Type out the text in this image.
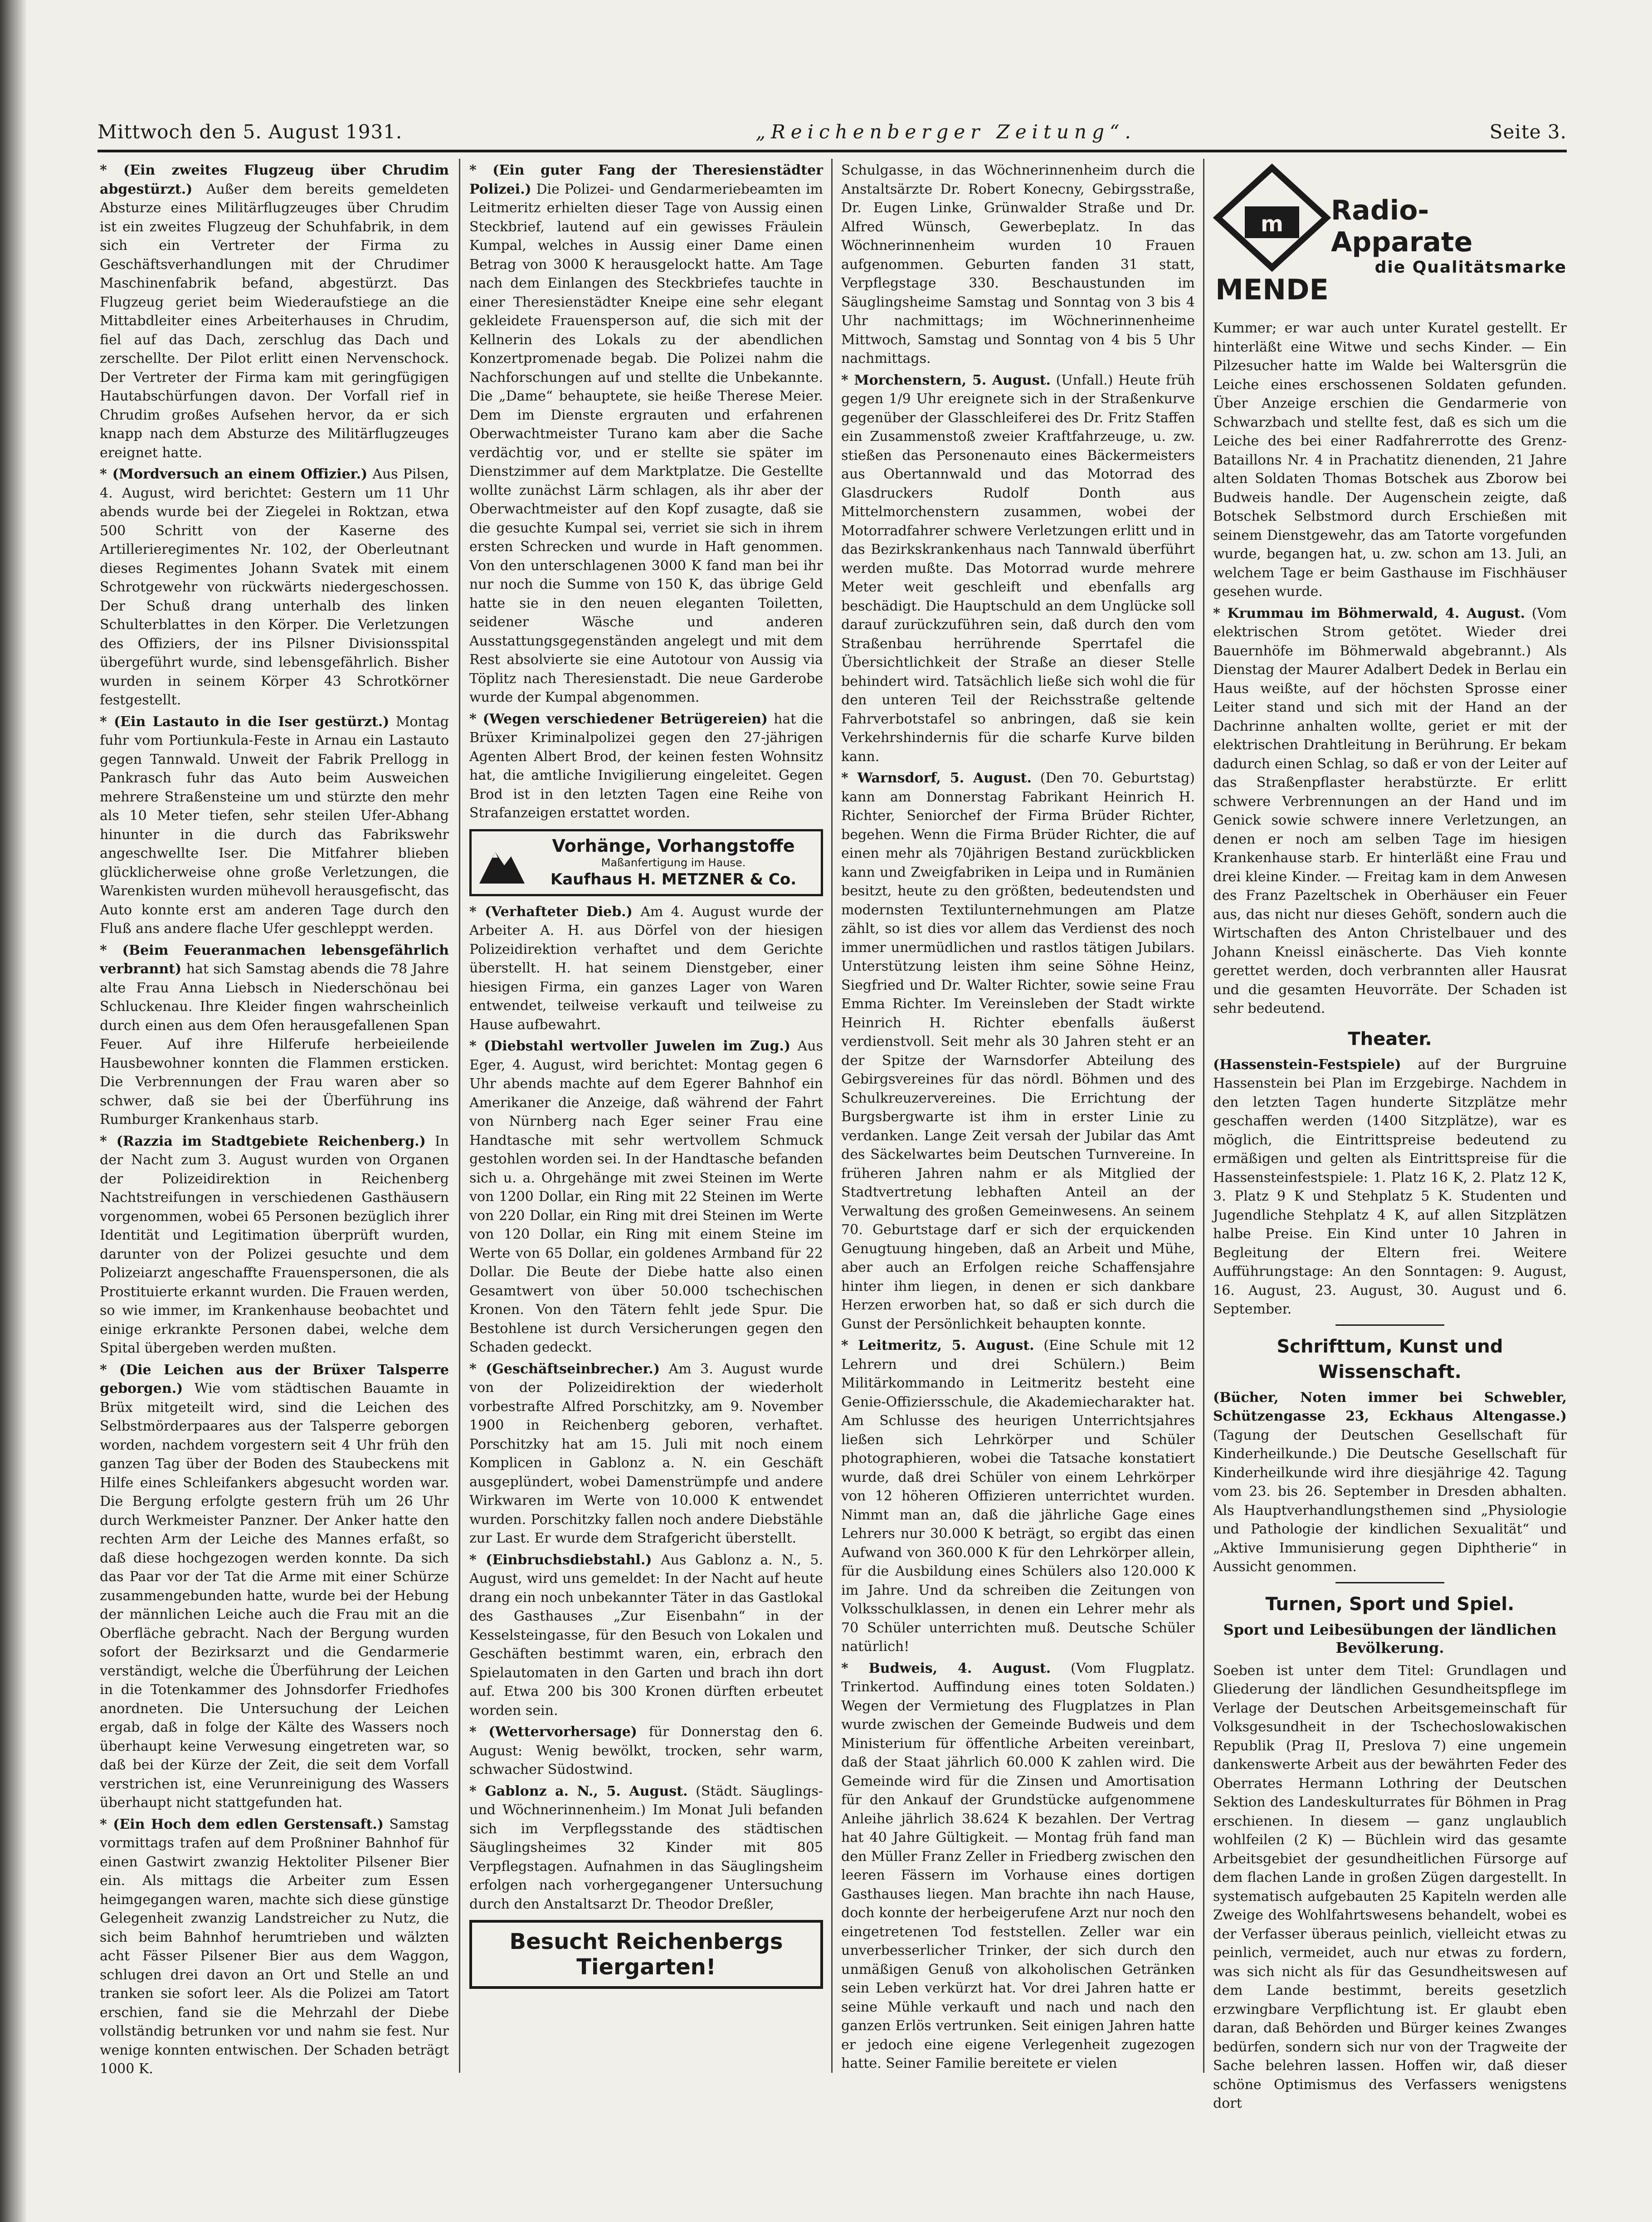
Mittwoch den 5. August 1931.	„Reichenberger Zeitung“.	Seite 3.

* (Ein zweites Flugzeug über Chrudim abgestürzt.) Außer dem bereits gemeldeten Absturze eines Militärflugzeuges über Chrudim ist ein zweites Flugzeug der Schuhfabrik, in dem sich ein Vertreter der Firma zu Geschäftsverhandlungen mit der Chrudimer Maschinenfabrik befand, abgestürzt. Das Flugzeug geriet beim Wiederaufstiege an die Mittabdleiter eines Arbeiterhauses in Chrudim, fiel auf das Dach, zerschlug das Dach und zerschellte. Der Pilot erlitt einen Nervenschock. Der Vertreter der Firma kam mit geringfügigen Hautabschürfungen davon. Der Vorfall rief in Chrudim großes Aufsehen hervor, da er sich knapp nach dem Absturze des Militärflugzeuges ereignet hatte.

* (Mordversuch an einem Offizier.) Aus Pilsen, 4. August, wird berichtet: Gestern um 11 Uhr abends wurde bei der Ziegelei in Roktzan, etwa 500 Schritt von der Kaserne des Artillerieregimentes Nr. 102, der Oberleutnant dieses Regimentes Johann Svatek mit einem Schrotgewehr von rückwärts niedergeschossen. Der Schuß drang unterhalb des linken Schulterblattes in den Körper. Die Verletzungen des Offiziers, der ins Pilsner Divisionsspital übergeführt wurde, sind lebensgefährlich. Bisher wurden in seinem Körper 43 Schrotkörner festgestellt.

* (Ein Lastauto in die Iser gestürzt.) Montag fuhr vom Portiunkula-Feste in Arnau ein Lastauto gegen Tannwald. Unweit der Fabrik Prellogg in Pankrasch fuhr das Auto beim Ausweichen mehrere Straßensteine um und stürzte den mehr als 10 Meter tiefen, sehr steilen Ufer-Abhang hinunter in die durch das Fabrikswehr angeschwellte Iser. Die Mitfahrer blieben glücklicherweise ohne große Verletzungen, die Warenkisten wurden mühevoll herausgefischt, das Auto konnte erst am anderen Tage durch den Fluß ans andere flache Ufer geschleppt werden.

* (Beim Feueranmachen lebensgefährlich verbrannt) hat sich Samstag abends die 78 Jahre alte Frau Anna Liebsch in Niederschönau bei Schluckenau. Ihre Kleider fingen wahrscheinlich durch einen aus dem Ofen herausgefallenen Span Feuer. Auf ihre Hilferufe herbeieilende Hausbewohner konnten die Flammen ersticken. Die Verbrennungen der Frau waren aber so schwer, daß sie bei der Überführung ins Rumburger Krankenhaus starb.

* (Razzia im Stadtgebiete Reichenberg.) In der Nacht zum 3. August wurden von Organen der Polizeidirektion in Reichenberg Nachtstreifungen in verschiedenen Gasthäusern vorgenommen, wobei 65 Personen bezüglich ihrer Identität und Legitimation überprüft wurden, darunter von der Polizei gesuchte und dem Polizeiarzt angeschaffte Frauenspersonen, die als Prostituierte erkannt wurden. Die Frauen werden, so wie immer, im Krankenhause beobachtet und einige erkrankte Personen dabei, welche dem Spital übergeben werden mußten.

* (Die Leichen aus der Brüxer Talsperre geborgen.) Wie vom städtischen Bauamte in Brüx mitgeteilt wird, sind die Leichen des Selbstmörderpaares aus der Talsperre geborgen worden, nachdem vorgestern seit 4 Uhr früh den ganzen Tag über der Boden des Staubeckens mit Hilfe eines Schleifankers abgesucht worden war. Die Bergung erfolgte gestern früh um 26 Uhr durch Werkmeister Panzner. Der Anker hatte den rechten Arm der Leiche des Mannes erfaßt, so daß diese hochgezogen werden konnte. Da sich das Paar vor der Tat die Arme mit einer Schürze zusammengebunden hatte, wurde bei der Hebung der männlichen Leiche auch die Frau mit an die Oberfläche gebracht. Nach der Bergung wurden sofort der Bezirksarzt und die Gendarmerie verständigt, welche die Überführung der Leichen in die Totenkammer des Johnsdorfer Friedhofes anordneten. Die Untersuchung der Leichen ergab, daß in folge der Kälte des Wassers noch überhaupt keine Verwesung eingetreten war, so daß bei der Kürze der Zeit, die seit dem Vorfall verstrichen ist, eine Verunreinigung des Wassers überhaupt nicht stattgefunden hat.

* (Ein Hoch dem edlen Gerstensaft.) Samstag vormittags trafen auf dem Proßniner Bahnhof für einen Gastwirt zwanzig Hektoliter Pilsener Bier ein. Als mittags die Arbeiter zum Essen heimgegangen waren, machte sich diese günstige Gelegenheit zwanzig Landstreicher zu Nutz, die sich beim Bahnhof herumtrieben und wälzten acht Fässer Pilsener Bier aus dem Waggon, schlugen drei davon an Ort und Stelle an und tranken sie sofort leer. Als die Polizei am Tatort erschien, fand sie die Mehrzahl der Diebe vollständig betrunken vor und nahm sie fest. Nur wenige konnten entwischen. Der Schaden beträgt 1000 K.

* (Ein guter Fang der Theresienstädter Polizei.) Die Polizei- und Gendarmeriebeamten im Leitmeritz erhielten dieser Tage von Aussig einen Steckbrief, lautend auf ein gewisses Fräulein Kumpal, welches in Aussig einer Dame einen Betrag von 3000 K herausgelockt hatte. Am Tage nach dem Einlangen des Steckbriefes tauchte in einer Theresienstädter Kneipe eine sehr elegant gekleidete Frauensperson auf, die sich mit der Kellnerin des Lokals zu der abendlichen Konzertpromenade begab. Die Polizei nahm die Nachforschungen auf und stellte die Unbekannte. Die „Dame“ behauptete, sie heiße Therese Meier. Dem im Dienste ergrauten und erfahrenen Oberwachtmeister Turano kam aber die Sache verdächtig vor, und er stellte sie später im Dienstzimmer auf dem Marktplatze. Die Gestellte wollte zunächst Lärm schlagen, als ihr aber der Oberwachtmeister auf den Kopf zusagte, daß sie die gesuchte Kumpal sei, verriet sie sich in ihrem ersten Schrecken und wurde in Haft genommen. Von den unterschlagenen 3000 K fand man bei ihr nur noch die Summe von 150 K, das übrige Geld hatte sie in den neuen eleganten Toiletten, seidener Wäsche und anderen Ausstattungsgegenständen angelegt und mit dem Rest absolvierte sie eine Autotour von Aussig via Töplitz nach Theresienstadt. Die neue Garderobe wurde der Kumpal abgenommen.

* (Wegen verschiedener Betrügereien) hat die Brüxer Kriminalpolizei gegen den 27-jährigen Agenten Albert Brod, der keinen festen Wohnsitz hat, die amtliche Invigilierung eingeleitet. Gegen Brod ist in den letzten Tagen eine Reihe von Strafanzeigen erstattet worden.

Vorhänge, Vorhangstoffe
Maßanfertigung im Hause.
Kaufhaus H. METZNER & Co.

* (Verhafteter Dieb.) Am 4. August wurde der Arbeiter A. H. aus Dörfel von der hiesigen Polizeidirektion verhaftet und dem Gerichte überstellt. H. hat seinem Dienstgeber, einer hiesigen Firma, ein ganzes Lager von Waren entwendet, teilweise verkauft und teilweise zu Hause aufbewahrt.

* (Diebstahl wertvoller Juwelen im Zug.) Aus Eger, 4. August, wird berichtet: Montag gegen 6 Uhr abends machte auf dem Egerer Bahnhof ein Amerikaner die Anzeige, daß während der Fahrt von Nürnberg nach Eger seiner Frau eine Handtasche mit sehr wertvollem Schmuck gestohlen worden sei. In der Handtasche befanden sich u. a. Ohrgehänge mit zwei Steinen im Werte von 1200 Dollar, ein Ring mit 22 Steinen im Werte von 220 Dollar, ein Ring mit drei Steinen im Werte von 120 Dollar, ein Ring mit einem Steine im Werte von 65 Dollar, ein goldenes Armband für 22 Dollar. Die Beute der Diebe hatte also einen Gesamtwert von über 50.000 tschechischen Kronen. Von den Tätern fehlt jede Spur. Die Bestohlene ist durch Versicherungen gegen den Schaden gedeckt.

* (Geschäftseinbrecher.) Am 3. August wurde von der Polizeidirektion der wiederholt vorbestrafte Alfred Porschitzky, am 9. November 1900 in Reichenberg geboren, verhaftet. Porschitzky hat am 15. Juli mit noch einem Komplicen in Gablonz a. N. ein Geschäft ausgeplündert, wobei Damenstrümpfe und andere Wirkwaren im Werte von 10.000 K entwendet wurden. Porschitzky fallen noch andere Diebstähle zur Last. Er wurde dem Strafgericht überstellt.

* (Einbruchsdiebstahl.) Aus Gablonz a. N., 5. August, wird uns gemeldet: In der Nacht auf heute drang ein noch unbekannter Täter in das Gastlokal des Gasthauses „Zur Eisenbahn“ in der Kesselsteingasse, für den Besuch von Lokalen und Geschäften bestimmt waren, ein, erbrach den Spielautomaten in den Garten und brach ihn dort auf. Etwa 200 bis 300 Kronen dürften erbeutet worden sein.

* (Wettervorhersage) für Donnerstag den 6. August: Wenig bewölkt, trocken, sehr warm, schwacher Südostwind.

* Gablonz a. N., 5. August. (Städt. Säuglings- und Wöchnerinnenheim.) Im Monat Juli befanden sich im Verpflegsstande des städtischen Säuglingsheimes 32 Kinder mit 805 Verpflegstagen. Aufnahmen in das Säuglingsheim erfolgen nach vorhergegangener Untersuchung durch den Anstaltsarzt Dr. Theodor Dreßler,

Besucht Reichenbergs Tiergarten!

Schulgasse, in das Wöchnerinnenheim durch die Anstaltsärzte Dr. Robert Konecny, Gebirgsstraße, Dr. Eugen Linke, Grünwalder Straße und Dr. Alfred Wünsch, Gewerbeplatz. In das Wöchnerinnenheim wurden 10 Frauen aufgenommen. Geburten fanden 31 statt, Verpflegstage 330. Beschaustunden im Säuglingsheime Samstag und Sonntag von 3 bis 4 Uhr nachmittags; im Wöchnerinnenheime Mittwoch, Samstag und Sonntag von 4 bis 5 Uhr nachmittags.

* Morchenstern, 5. August. (Unfall.) Heute früh gegen 1/9 Uhr ereignete sich in der Straßenkurve gegenüber der Glasschleiferei des Dr. Fritz Staffen ein Zusammenstoß zweier Kraftfahrzeuge, u. zw. stießen das Personenauto eines Bäckermeisters aus Obertannwald und das Motorrad des Glasdruckers Rudolf Donth aus Mittelmorchenstern zusammen, wobei der Motorradfahrer schwere Verletzungen erlitt und in das Bezirkskrankenhaus nach Tannwald überführt werden mußte. Das Motorrad wurde mehrere Meter weit geschleift und ebenfalls arg beschädigt. Die Hauptschuld an dem Unglücke soll darauf zurückzuführen sein, daß durch den vom Straßenbau herrührende Sperrtafel die Übersichtlichkeit der Straße an dieser Stelle behindert wird. Tatsächlich ließe sich wohl die für den unteren Teil der Reichsstraße geltende Fahrverbotstafel so anbringen, daß sie kein Verkehrshindernis für die scharfe Kurve bilden kann.

* Warnsdorf, 5. August. (Den 70. Geburtstag) kann am Donnerstag Fabrikant Heinrich H. Richter, Seniorchef der Firma Brüder Richter, begehen. Wenn die Firma Brüder Richter, die auf einen mehr als 70jährigen Bestand zurückblicken kann und Zweigfabriken in Leipa und in Rumänien besitzt, heute zu den größten, bedeutendsten und modernsten Textilunternehmungen am Platze zählt, so ist dies vor allem das Verdienst des noch immer unermüdlichen und rastlos tätigen Jubilars. Unterstützung leisten ihm seine Söhne Heinz, Siegfried und Dr. Walter Richter, sowie seine Frau Emma Richter. Im Vereinsleben der Stadt wirkte Heinrich H. Richter ebenfalls äußerst verdienstvoll. Seit mehr als 30 Jahren steht er an der Spitze der Warnsdorfer Abteilung des Gebirgsvereines für das nördl. Böhmen und des Schulkreuzervereines. Die Errichtung der Burgsbergwarte ist ihm in erster Linie zu verdanken. Lange Zeit versah der Jubilar das Amt des Säckelwartes beim Deutschen Turnvereine. In früheren Jahren nahm er als Mitglied der Stadtvertretung lebhaften Anteil an der Verwaltung des großen Gemeinwesens. An seinem 70. Geburtstage darf er sich der erquickenden Genugtuung hingeben, daß an Arbeit und Mühe, aber auch an Erfolgen reiche Schaffensjahre hinter ihm liegen, in denen er sich dankbare Herzen erworben hat, so daß er sich durch die Gunst der Persönlichkeit behaupten konnte.

* Leitmeritz, 5. August. (Eine Schule mit 12 Lehrern und drei Schülern.) Beim Militärkommando in Leitmeritz besteht eine Genie-Offiziersschule, die Akademiecharakter hat. Am Schlusse des heurigen Unterrichtsjahres ließen sich Lehrkörper und Schüler photographieren, wobei die Tatsache konstatiert wurde, daß drei Schüler von einem Lehrkörper von 12 höheren Offizieren unterrichtet wurden. Nimmt man an, daß die jährliche Gage eines Lehrers nur 30.000 K beträgt, so ergibt das einen Aufwand von 360.000 K für den Lehrkörper allein, für die Ausbildung eines Schülers also 120.000 K im Jahre. Und da schreiben die Zeitungen von Volksschulklassen, in denen ein Lehrer mehr als 70 Schüler unterrichten muß. Deutsche Schüler natürlich!

* Budweis, 4. August. (Vom Flugplatz. Trinkertod. Auffindung eines toten Soldaten.) Wegen der Vermietung des Flugplatzes in Plan wurde zwischen der Gemeinde Budweis und dem Ministerium für öffentliche Arbeiten vereinbart, daß der Staat jährlich 60.000 K zahlen wird. Die Gemeinde wird für die Zinsen und Amortisation für den Ankauf der Grundstücke aufgenommene Anleihe jährlich 38.624 K bezahlen. Der Vertrag hat 40 Jahre Gültigkeit. — Montag früh fand man den Müller Franz Zeller in Friedberg zwischen den leeren Fässern im Vorhause eines dortigen Gasthauses liegen. Man brachte ihn nach Hause, doch konnte der herbeigerufene Arzt nur noch den eingetretenen Tod feststellen. Zeller war ein unverbesserlicher Trinker, der sich durch den unmäßigen Genuß von alkoholischen Getränken sein Leben verkürzt hat. Vor drei Jahren hatte er seine Mühle verkauft und nach und nach den ganzen Erlös vertrunken. Seit einigen Jahren hatte er jedoch eine eigene Verlegenheit zugezogen hatte. Seiner Familie bereitete er vielen

m
MENDE
Radio-Apparate
die Qualitätsmarke

Kummer; er war auch unter Kuratel gestellt. Er hinterläßt eine Witwe und sechs Kinder. — Ein Pilzesucher hatte im Walde bei Waltersgrün die Leiche eines erschossenen Soldaten gefunden. Über Anzeige erschien die Gendarmerie von Schwarzbach und stellte fest, daß es sich um die Leiche des bei einer Radfahrerrotte des Grenz-Bataillons Nr. 4 in Prachatitz dienenden, 21 Jahre alten Soldaten Thomas Botschek aus Zborow bei Budweis handle. Der Augenschein zeigte, daß Botschek Selbstmord durch Erschießen mit seinem Dienstgewehr, das am Tatorte vorgefunden wurde, begangen hat, u. zw. schon am 13. Juli, an welchem Tage er beim Gasthause im Fischhäuser gesehen wurde.

* Krummau im Böhmerwald, 4. August. (Vom elektrischen Strom getötet. Wieder drei Bauernhöfe im Böhmerwald abgebrannt.) Als Dienstag der Maurer Adalbert Dedek in Berlau ein Haus weißte, auf der höchsten Sprosse einer Leiter stand und sich mit der Hand an der Dachrinne anhalten wollte, geriet er mit der elektrischen Drahtleitung in Berührung. Er bekam dadurch einen Schlag, so daß er von der Leiter auf das Straßenpflaster herabstürzte. Er erlitt schwere Verbrennungen an der Hand und im Genick sowie schwere innere Verletzungen, an denen er noch am selben Tage im hiesigen Krankenhause starb. Er hinterläßt eine Frau und drei kleine Kinder. — Freitag kam in dem Anwesen des Franz Pazeltschek in Oberhäuser ein Feuer aus, das nicht nur dieses Gehöft, sondern auch die Wirtschaften des Anton Christelbauer und des Johann Kneissl einäscherte. Das Vieh konnte gerettet werden, doch verbrannten aller Hausrat und die gesamten Heuvorräte. Der Schaden ist sehr bedeutend.

Theater.

(Hassenstein-Festspiele) auf der Burgruine Hassenstein bei Plan im Erzgebirge. Nachdem in den letzten Tagen hunderte Sitzplätze mehr geschaffen werden (1400 Sitzplätze), war es möglich, die Eintrittspreise bedeutend zu ermäßigen und gelten als Eintrittspreise für die Hassensteinfestspiele: 1. Platz 16 K, 2. Platz 12 K, 3. Platz 9 K und Stehplatz 5 K. Studenten und Jugendliche Stehplatz 4 K, auf allen Sitzplätzen halbe Preise. Ein Kind unter 10 Jahren in Begleitung der Eltern frei. Weitere Aufführungstage: An den Sonntagen: 9. August, 16. August, 23. August, 30. August und 6. September.

Schrifttum, Kunst und Wissenschaft.

(Bücher, Noten immer bei Schwebler, Schützengasse 23, Eckhaus Altengasse.) (Tagung der Deutschen Gesellschaft für Kinderheilkunde.) Die Deutsche Gesellschaft für Kinderheilkunde wird ihre diesjährige 42. Tagung vom 23. bis 26. September in Dresden abhalten. Als Hauptverhandlungsthemen sind „Physiologie und Pathologie der kindlichen Sexualität“ und „Aktive Immunisierung gegen Diphtherie“ in Aussicht genommen.

Turnen, Sport und Spiel.
Sport und Leibesübungen der ländlichen Bevölkerung.

Soeben ist unter dem Titel: Grundlagen und Gliederung der ländlichen Gesundheitspflege im Verlage der Deutschen Arbeitsgemeinschaft für Volksgesundheit in der Tschechoslowakischen Republik (Prag II, Preslova 7) eine ungemein dankenswerte Arbeit aus der bewährten Feder des Oberrates Hermann Lothring der Deutschen Sektion des Landeskulturrates für Böhmen in Prag erschienen. In diesem — ganz unglaublich wohlfeilen (2 K) — Büchlein wird das gesamte Arbeitsgebiet der gesundheitlichen Fürsorge auf dem flachen Lande in großen Zügen dargestellt. In systematisch aufgebauten 25 Kapiteln werden alle Zweige des Wohlfahrtswesens behandelt, wobei es der Verfasser überaus peinlich, vielleicht etwas zu peinlich, vermeidet, auch nur etwas zu fordern, was sich nicht als für das Gesundheitswesen auf dem Lande bestimmt, bereits gesetzlich erzwingbare Verpflichtung ist. Er glaubt eben daran, daß Behörden und Bürger keines Zwanges bedürfen, sondern sich nur von der Tragweite der Sache belehren lassen. Hoffen wir, daß dieser schöne Optimismus des Verfassers wenigstens dort
